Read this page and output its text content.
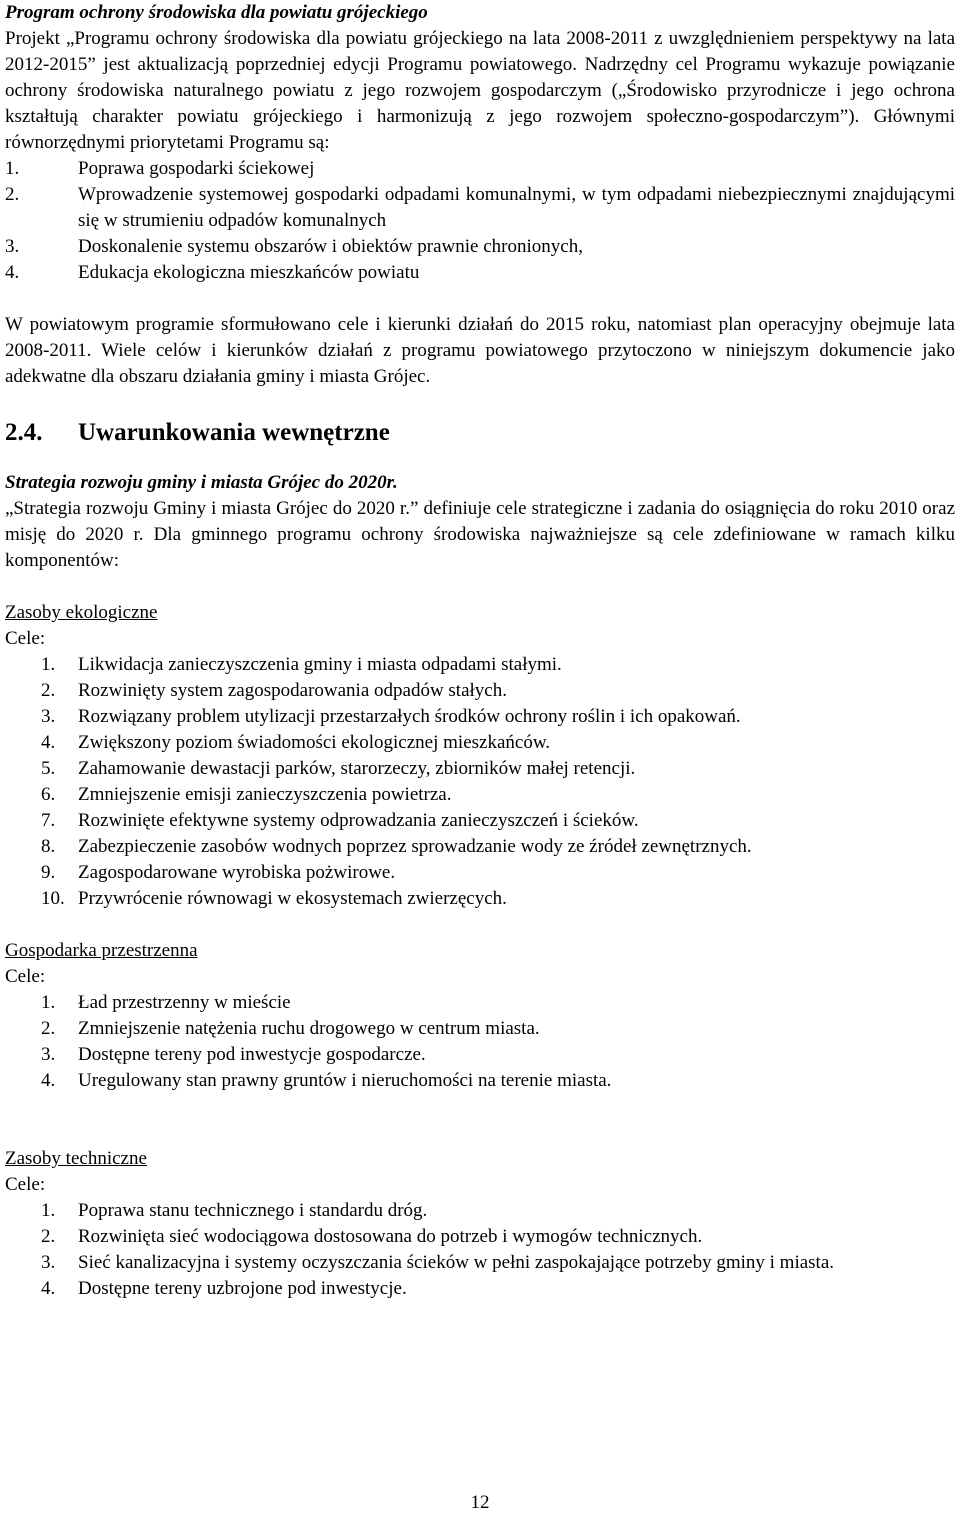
Program ochrony środowiska dla powiatu grójeckiego

Projekt „Programu ochrony środowiska dla powiatu grójeckiego na lata 2008-2011 z uwzględnieniem perspektywy na lata 2012-2015” jest aktualizacją poprzedniej edycji Programu powiatowego. Nadrzędny cel Programu wykazuje powiązanie ochrony środowiska naturalnego powiatu z jego rozwojem gospodarczym („Środowisko przyrodnicze i jego ochrona kształtują charakter powiatu grójeckiego i harmonizują z jego rozwojem społeczno-gospodarczym”). Głównymi równorzędnymi priorytetami Programu są:

1.	Poprawa gospodarki ściekowej
2.	Wprowadzenie systemowej gospodarki odpadami komunalnymi, w tym odpadami niebezpiecznymi znajdującymi się w strumieniu odpadów komunalnych
3.	Doskonalenie systemu obszarów i obiektów prawnie chronionych,
4.	Edukacja ekologiczna mieszkańców powiatu

W powiatowym programie sformułowano cele i kierunki działań do 2015 roku, natomiast plan operacyjny obejmuje lata 2008-2011. Wiele celów i kierunków działań z programu powiatowego przytoczono w niniejszym dokumencie jako adekwatne dla obszaru działania gminy i miasta Grójec.

2.4. Uwarunkowania wewnętrzne

Strategia rozwoju gminy i miasta Grójec do 2020r.

„Strategia rozwoju Gminy i miasta Grójec do 2020 r.” definiuje cele strategiczne i zadania do osiągnięcia do roku 2010 oraz misję do 2020 r. Dla gminnego programu ochrony środowiska najważniejsze są cele zdefiniowane w ramach kilku komponentów:

Zasoby ekologiczne

Cele:

1. Likwidacja zanieczyszczenia gminy i miasta odpadami stałymi.
2. Rozwinięty system zagospodarowania odpadów stałych.
3. Rozwiązany problem utylizacji przestarzałych środków ochrony roślin i ich opakowań.
4. Zwiększony poziom świadomości ekologicznej mieszkańców.
5. Zahamowanie dewastacji parków, starorzeczy, zbiorników małej retencji.
6. Zmniejszenie emisji zanieczyszczenia powietrza.
7. Rozwinięte efektywne systemy odprowadzania zanieczyszczeń i ścieków.
8. Zabezpieczenie zasobów wodnych poprzez sprowadzanie wody ze źródeł zewnętrznych.
9. Zagospodarowane wyrobiska pożwirowe.
10. Przywrócenie równowagi w ekosystemach zwierzęcych.

Gospodarka przestrzenna

Cele:

1. Ład przestrzenny w mieście
2. Zmniejszenie natężenia ruchu drogowego w centrum miasta.
3. Dostępne tereny pod inwestycje gospodarcze.
4. Uregulowany stan prawny gruntów i nieruchomości na terenie miasta.

Zasoby techniczne

Cele:

1. Poprawa stanu technicznego i standardu dróg.
2. Rozwinięta sieć wodociągowa dostosowana do potrzeb i wymogów technicznych.
3. Sieć kanalizacyjna i systemy oczyszczania ścieków w pełni zaspokajające potrzeby gminy i miasta.
4. Dostępne tereny uzbrojone pod inwestycje.
12
